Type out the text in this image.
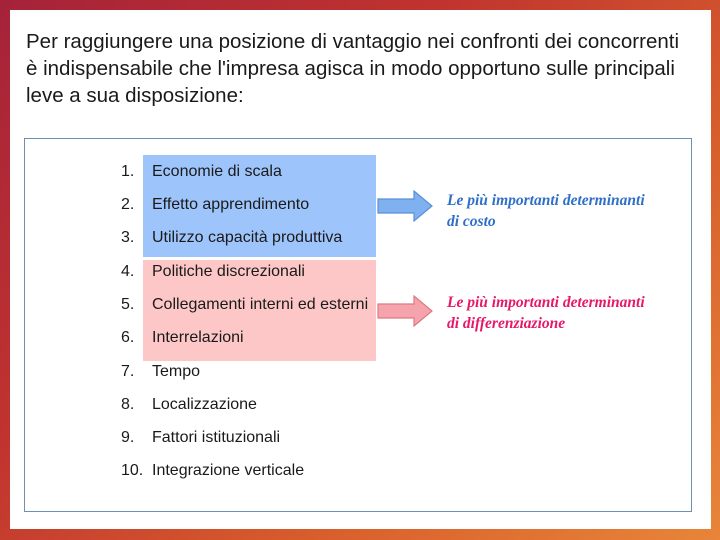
Per raggiungere una posizione di vantaggio nei confronti dei concorrenti è indispensabile che l'impresa agisca in modo opportuno sulle principali leve a sua disposizione:

1. Economie di scala
2. Effetto apprendimento
3. Utilizzo capacità produttiva
4. Politiche discrezionali
5. Collegamenti interni ed esterni
6. Interrelazioni
7. Tempo
8. Localizzazione
9. Fattori istituzionali
10. Integrazione verticale

Le più importanti determinanti
di costo

Le più importanti determinanti
di differenziazione
